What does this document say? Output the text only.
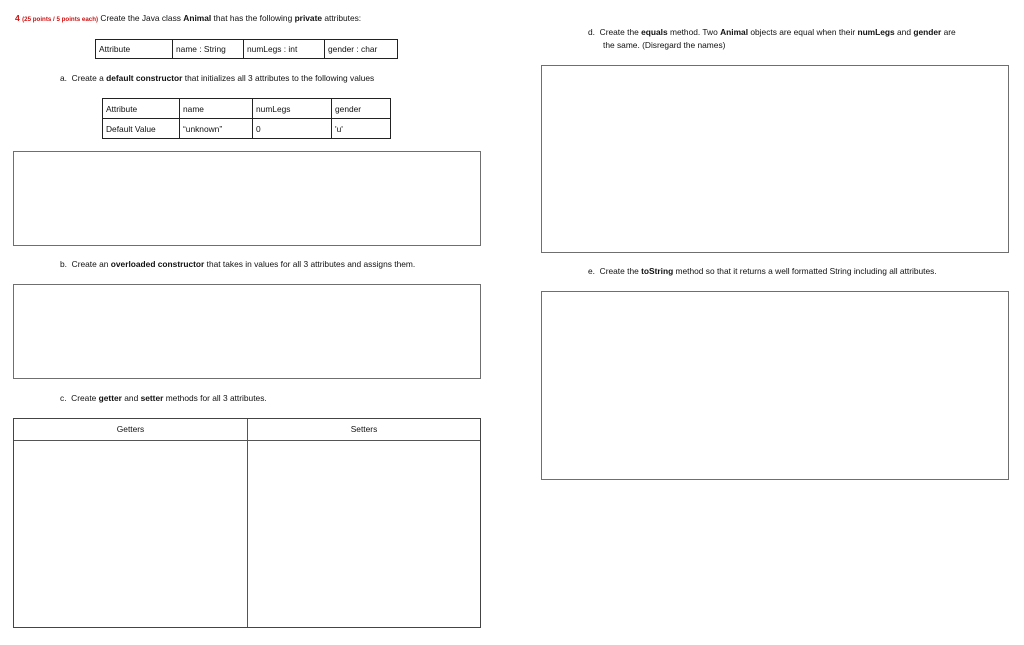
4 (25 points / 5 points each) Create the Java class Animal that has the following private attributes:
Attribute	name : String	numLegs : int	gender : char
a. Create a default constructor that initializes all 3 attributes to the following values
Attribute	name	numLegs	gender
Default Value	“unknown”	0	'u'
b. Create an overloaded constructor that takes in values for all 3 attributes and assigns them.
c. Create getter and setter methods for all 3 attributes.
Getters	Setters
d. Create the equals method. Two Animal objects are equal when their numLegs and gender are
the same. (Disregard the names)
e. Create the toString method so that it returns a well formatted String including all attributes.
